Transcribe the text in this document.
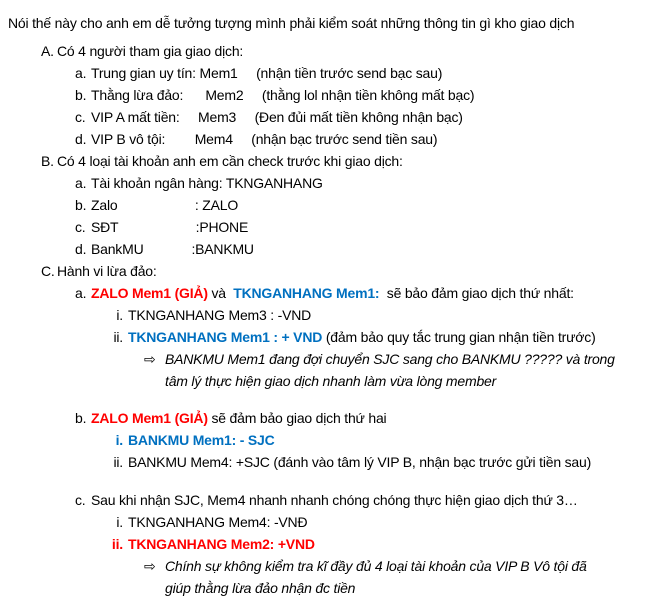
Nói thế này cho anh em dễ tưởng tượng mình phải kiểm soát những thông tin gì kho giao dịch
A. Có 4 người tham gia giao dịch:
a. Trung gian uy tín: Mem1     (nhận tiền trước send bạc sau)
b. Thằng lừa đảo:      Mem2     (thằng lol nhận tiền không mất bạc)
c. VIP A mất tiền:     Mem3     (Đen đủi mất tiền không nhận bạc)
d. VIP B vô tội:        Mem4     (nhận bạc trước send tiền sau)
B. Có 4 loại tài khoản anh em cần check trước khi giao dịch:
a. Tài khoản ngân hàng: TKNGANHANG
b. Zalo                     : ZALO
c. SĐT                     :PHONE
d. BankMU             :BANKMU
C. Hành vi lừa đảo:
a. ZALO Mem1 (GIẢ) và  TKNGANHANG Mem1:  sẽ bảo đảm giao dịch thứ nhất:
i. TKNGANHANG Mem3 : -VND
ii. TKNGANHANG Mem1 : + VND (đảm bảo quy tắc trung gian nhận tiền trước)
⇨ BANKMU Mem1 đang đợi chuyển SJC sang cho BANKMU ????? và trong
tâm lý thực hiện giao dịch nhanh làm vừa lòng member
b. ZALO Mem1 (GIẢ) sẽ đảm bảo giao dịch thứ hai
i. BANKMU Mem1: - SJC
ii. BANKMU Mem4: +SJC (đánh vào tâm lý VIP B, nhận bạc trước gửi tiền sau)
c. Sau khi nhận SJC, Mem4 nhanh nhanh chóng chóng thực hiện giao dịch thứ 3…
i. TKNGANHANG Mem4: -VNĐ
ii. TKNGANHANG Mem2: +VND
⇨ Chính sự không kiểm tra kĩ đầy đủ 4 loại tài khoản của VIP B Vô tội đã
giúp thằng lừa đảo nhận đc tiền
